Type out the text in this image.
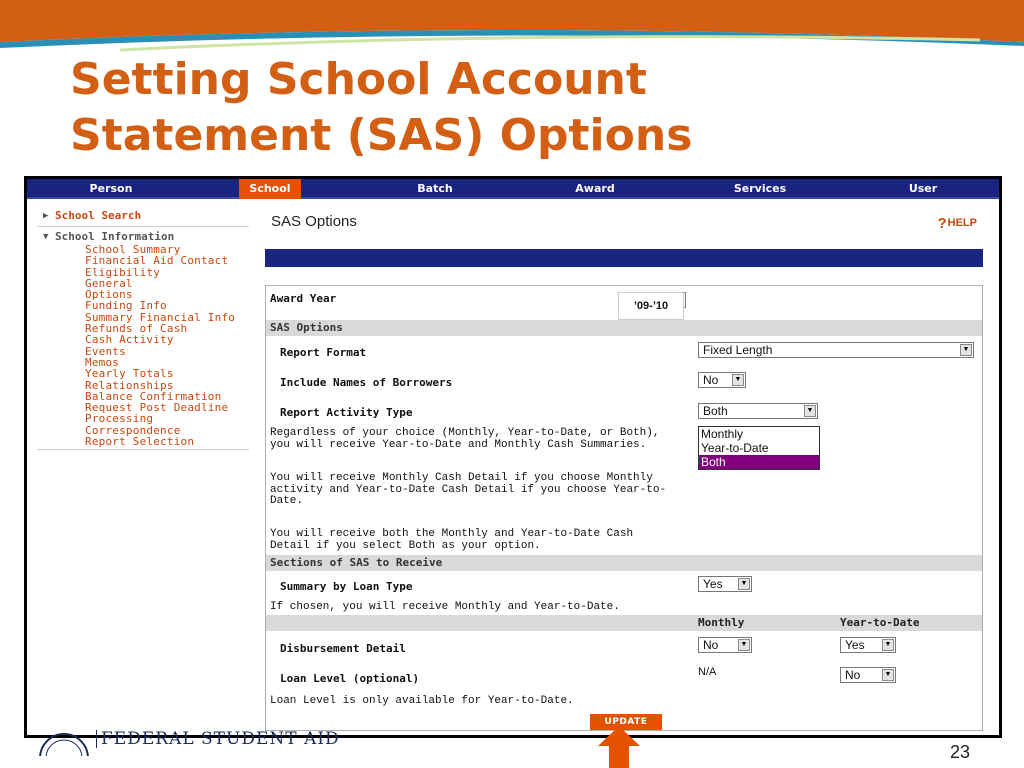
Setting School Account
Statement (SAS) Options
Person	School	Batch	Award	Services	User
▶ School Search
▼ School Information
School Summary
Financial Aid Contact
Eligibility
General
Options
Funding Info
Summary Financial Info
Refunds of Cash
Cash Activity
Events
Memos
Yearly Totals
Relationships
Balance Confirmation
Request Post Deadline
Processing
Correspondence
Report Selection
SAS Options	?HELP
Award Year
’09-’10
SAS Options
Report Format	Fixed Length	▼
Include Names of Borrowers	No	▼
Report Activity Type	Both	▼
Monthly
Year-to-Date
Both
Regardless of your choice (Monthly, Year-to-Date, or Both),
you will receive Year-to-Date and Monthly Cash Summaries.
You will receive Monthly Cash Detail if you choose Monthly
activity and Year-to-Date Cash Detail if you choose Year-to-
Date.
You will receive both the Monthly and Year-to-Date Cash
Detail if you select Both as your option.
Sections of SAS to Receive
Summary by Loan Type	Yes	▼
If chosen, you will receive Monthly and Year-to-Date.
Monthly	Year-to-Date
Disbursement Detail	No	▼	Yes	▼
Loan Level (optional)	N/A	No	▼
Loan Level is only available for Year-to-Date.
UPDATE
FEDERAL STUDENT AID
23
